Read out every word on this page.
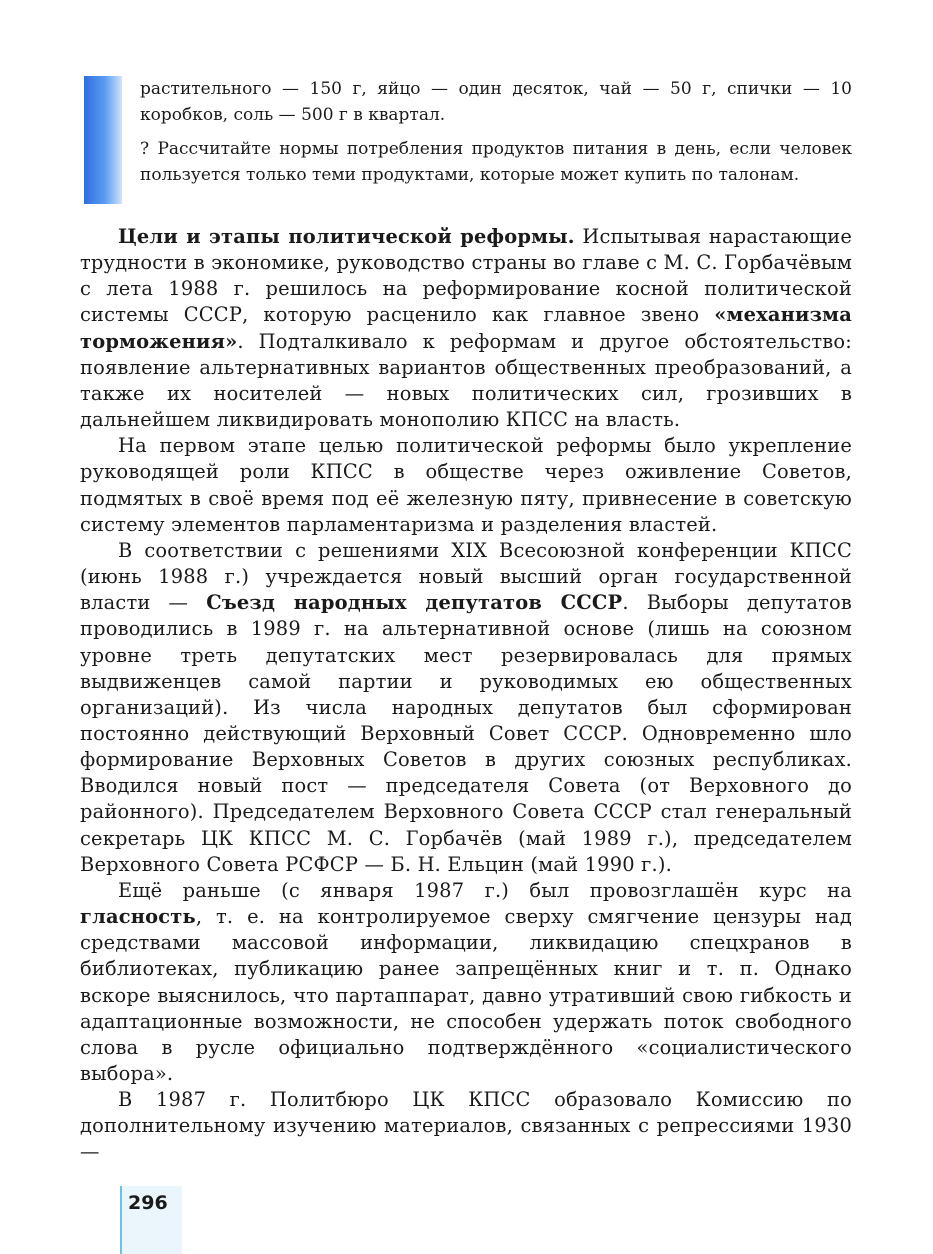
растительного — 150 г, яйцо — один десяток, чай — 50 г, спички — 10 коробков, соль — 500 г в квартал.

? Рассчитайте нормы потребления продуктов питания в день, если человек пользуется только теми продуктами, которые может купить по талонам.

Цели и этапы политической реформы. Испытывая нарастающие трудности в экономике, руководство страны во главе с М. С. Горбачёвым с лета 1988 г. решилось на реформирование косной политической системы СССР, которую расценило как главное звено «механизма торможения». Подталкивало к реформам и другое обстоятельство: появление альтернативных вариантов общественных преобразований, а также их носителей — новых политических сил, грозивших в дальнейшем ликвидировать монополию КПСС на власть.

На первом этапе целью политической реформы было укрепление руководящей роли КПСС в обществе через оживление Советов, подмятых в своё время под её железную пяту, привнесение в советскую систему элементов парламентаризма и разделения властей.

В соответствии с решениями XIX Всесоюзной конференции КПСС (июнь 1988 г.) учреждается новый высший орган государственной власти — Съезд народных депутатов СССР. Выборы депутатов проводились в 1989 г. на альтернативной основе (лишь на союзном уровне треть депутатских мест резервировалась для прямых выдвиженцев самой партии и руководимых ею общественных организаций). Из числа народных депутатов был сформирован постоянно действующий Верховный Совет СССР. Одновременно шло формирование Верховных Советов в других союзных республиках. Вводился новый пост — председателя Совета (от Верховного до районного). Председателем Верховного Совета СССР стал генеральный секретарь ЦК КПСС М. С. Горбачёв (май 1989 г.), председателем Верховного Совета РСФСР — Б. Н. Ельцин (май 1990 г.).

Ещё раньше (с января 1987 г.) был провозглашён курс на гласность, т. е. на контролируемое сверху смягчение цензуры над средствами массовой информации, ликвидацию спецхранов в библиотеках, публикацию ранее запрещённых книг и т. п. Однако вскоре выяснилось, что партаппарат, давно утративший свою гибкость и адаптационные возможности, не способен удержать поток свободного слова в русле официально подтверждённого «социалистического выбора».

В 1987 г. Политбюро ЦК КПСС образовало Комиссию по дополнительному изучению материалов, связанных с репрессиями 1930—

296
